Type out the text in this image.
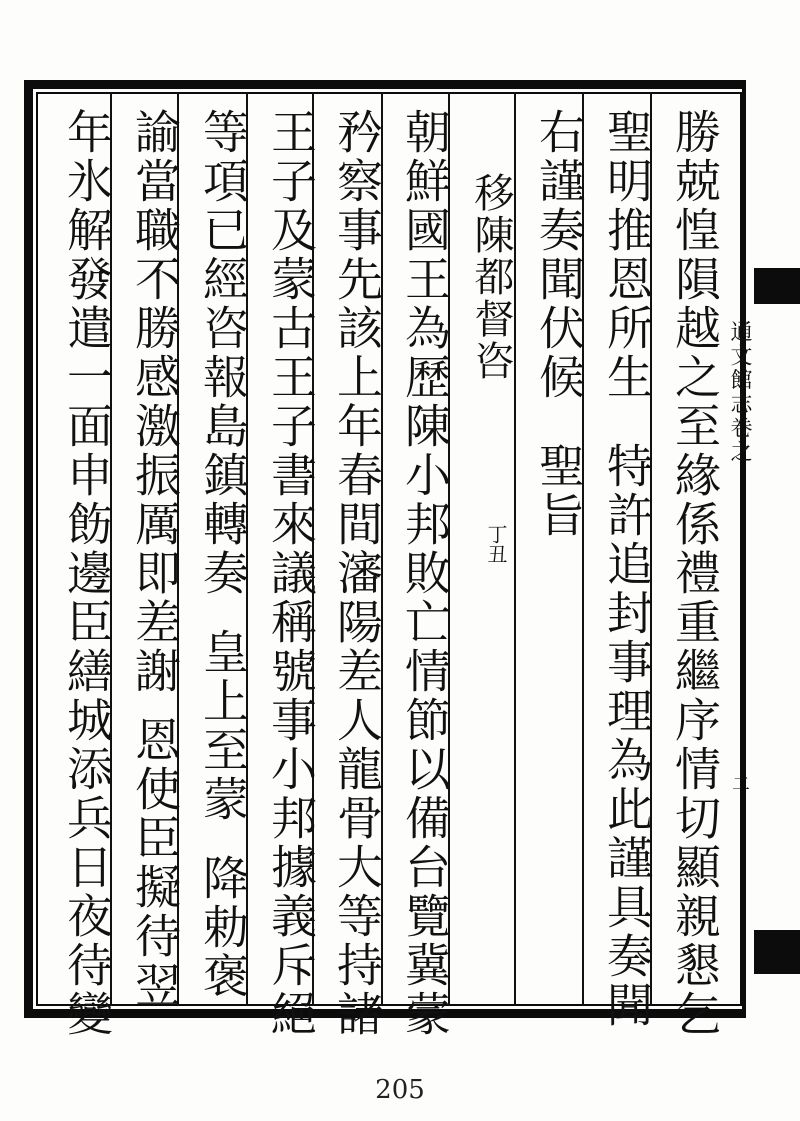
勝兢惶隕越之至緣係禮重繼序情切顯親懇乞
聖明推恩所生特許追封事理為此謹具奏聞
右謹奏聞伏候聖旨
移陳都督咨
丁丑
朝鮮國王為歷陳小邦敗亡情節以備台覽冀蒙
矜察事先該上年春間瀋陽差人龍骨大等持諸
王子及蒙古王子書來議稱號事小邦據義斥絕
等項已經咨報島鎮轉奏皇上至蒙降勅褒
諭當職不勝感激振厲即差謝恩使臣擬待翌
年氷解發遣一面申飭邊臣繕城添兵日夜待變	通文館志卷之
二
205
